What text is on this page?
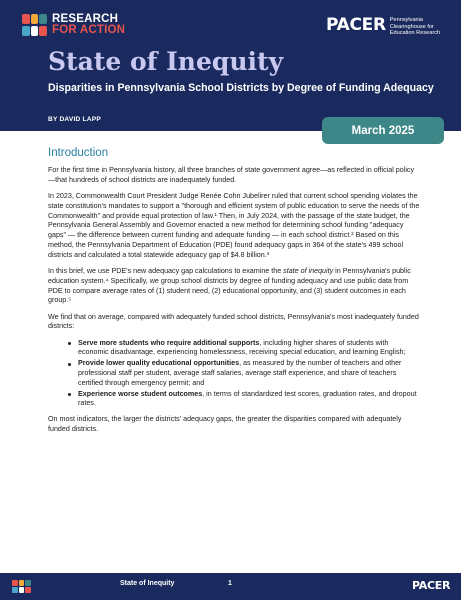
RESEARCH
FOR ACTION	PACER Pennsylvania Clearinghouse for Education Research
State of Inequity
Disparities in Pennsylvania School Districts by Degree of Funding Adequacy
BY DAVID LAPP
March 2025
Introduction

For the first time in Pennsylvania history, all three branches of state government agree—as reflected in official policy—that hundreds of school districts are inadequately funded.

In 2023, Commonwealth Court President Judge Renée Cohn Jubelirer ruled that current school spending violates the state constitution's mandates to support a "thorough and efficient system of public education to serve the needs of the Commonwealth" and provide equal protection of law.¹ Then, in July 2024, with the passage of the state budget, the Pennsylvania General Assembly and Governor enacted a new method for determining school funding "adequacy gaps" — the difference between current funding and adequate funding — in each school district.² Based on this method, the Pennsylvania Department of Education (PDE) found adequacy gaps in 364 of the state's 499 school districts and calculated a total statewide adequacy gap of $4.8 billion.³

In this brief, we use PDE's new adequacy gap calculations to examine the state of inequity in Pennsylvania's public education system.⁴ Specifically, we group school districts by degree of funding adequacy and use public data from PDE to compare average rates of (1) student need, (2) educational opportunity, and (3) student outcomes in each group.⁵

We find that on average, compared with adequately funded school districts, Pennsylvania's most inadequately funded districts:

Serve more students who require additional supports, including higher shares of students with economic disadvantage, experiencing homelessness, receiving special education, and learning English;
Provide lower quality educational opportunities, as measured by the number of teachers and other professional staff per student, average staff salaries, average staff experience, and share of teachers certified through emergency permit; and
Experience worse student outcomes, in terms of standardized test scores, graduation rates, and dropout rates.

On most indicators, the larger the districts' adequacy gaps, the greater the disparities compared with adequately funded districts.

State of Inequity	1	PACER
